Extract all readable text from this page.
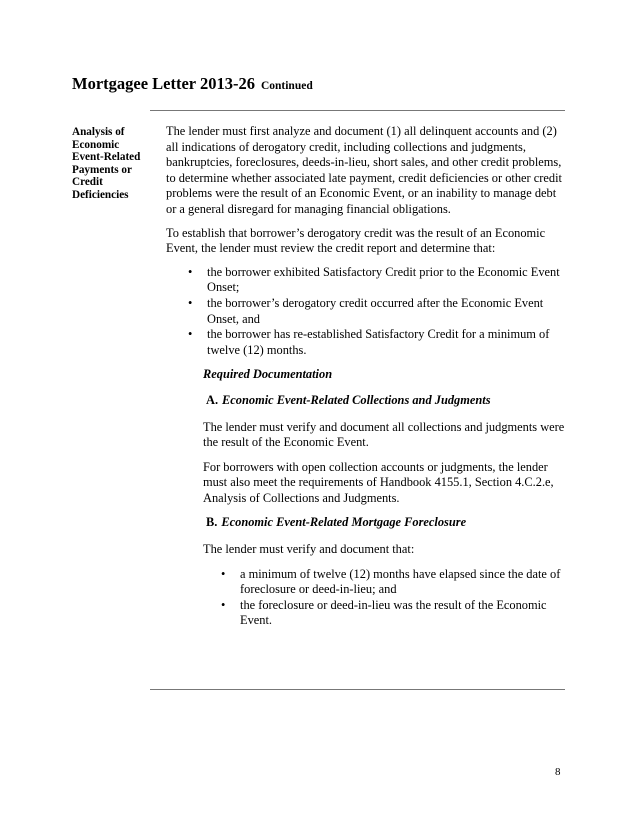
Mortgagee Letter 2013-26 Continued
Analysis of
Economic
Event-Related
Payments or
Credit
Deficiencies

The lender must first analyze and document (1) all delinquent accounts and (2) all indications of derogatory credit, including collections and judgments, bankruptcies, foreclosures, deeds-in-lieu, short sales, and other credit problems, to determine whether associated late payment, credit deficiencies or other credit problems were the result of an Economic Event, or an inability to manage debt or a general disregard for managing financial obligations.

To establish that borrower’s derogatory credit was the result of an Economic Event, the lender must review the credit report and determine that:

• the borrower exhibited Satisfactory Credit prior to the Economic Event Onset;
• the borrower’s derogatory credit occurred after the Economic Event Onset, and
• the borrower has re-established Satisfactory Credit for a minimum of twelve (12) months.
Required Documentation
A. Economic Event-Related Collections and Judgments

The lender must verify and document all collections and judgments were the result of the Economic Event.

For borrowers with open collection accounts or judgments, the lender must also meet the requirements of Handbook 4155.1, Section 4.C.2.e, Analysis of Collections and Judgments.

B. Economic Event-Related Mortgage Foreclosure

The lender must verify and document that:

• a minimum of twelve (12) months have elapsed since the date of foreclosure or deed-in-lieu; and
• the foreclosure or deed-in-lieu was the result of the Economic Event.
8
